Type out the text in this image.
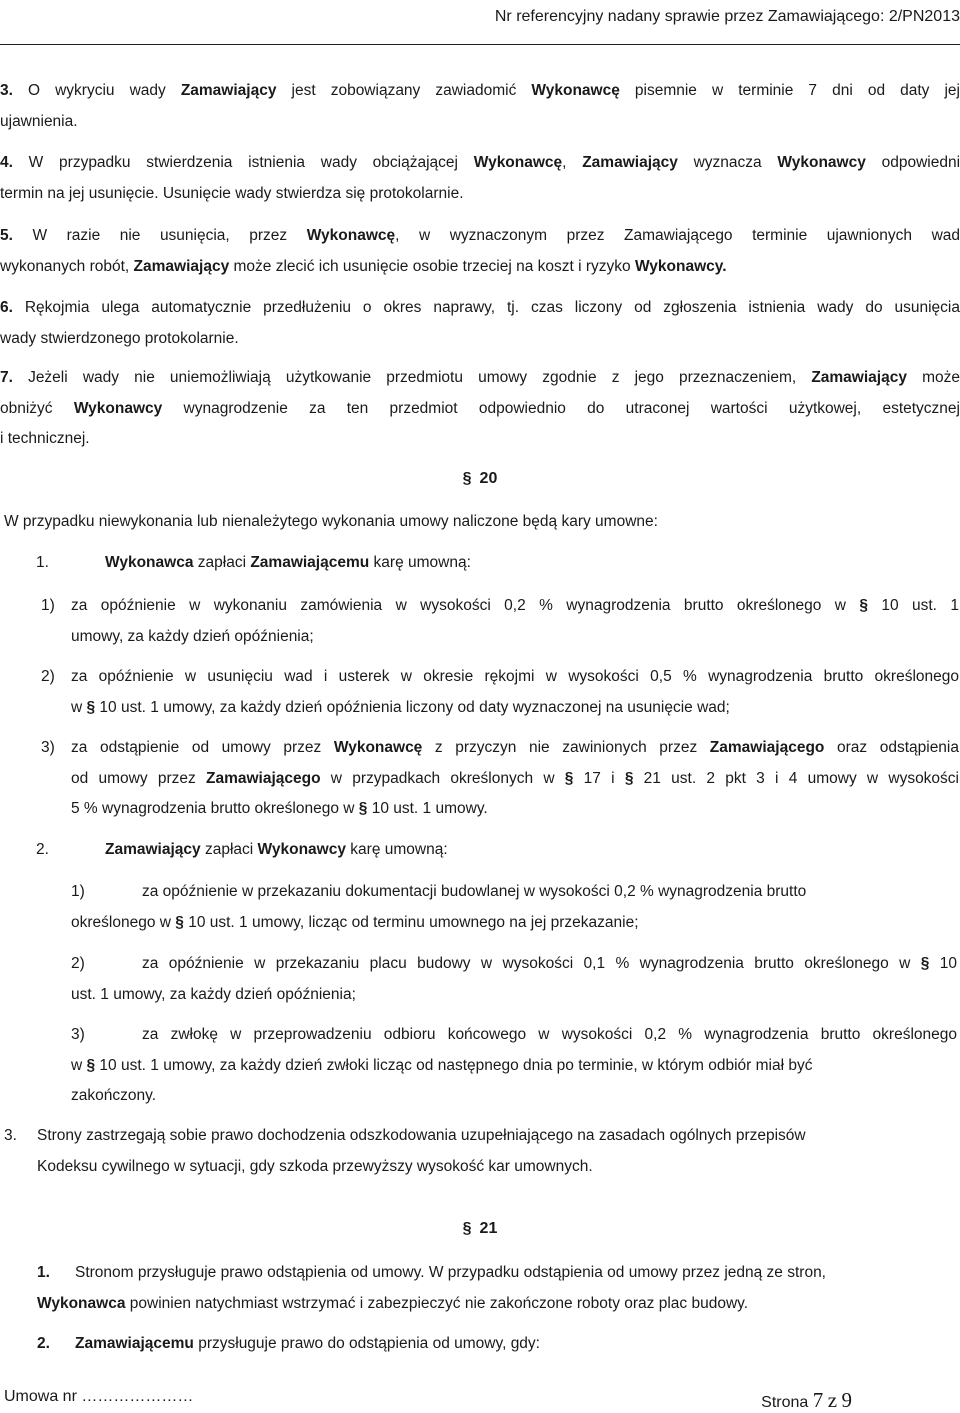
Nr referencyjny nadany sprawie przez Zamawiającego: 2/PN2013
3. O wykryciu wady Zamawiający jest zobowiązany zawiadomić Wykonawcę pisemnie w terminie 7 dni od daty jej
ujawnienia.
4. W przypadku stwierdzenia istnienia wady obciążającej Wykonawcę, Zamawiający wyznacza Wykonawcy odpowiedni
termin na jej usunięcie. Usunięcie wady stwierdza się protokolarnie.
5. W razie nie usunięcia, przez Wykonawcę, w wyznaczonym przez Zamawiającego terminie ujawnionych wad
wykonanych robót, Zamawiający może zlecić ich usunięcie osobie trzeciej na koszt i ryzyko Wykonawcy.
6. Rękojmia ulega automatycznie przedłużeniu o okres naprawy, tj. czas liczony od zgłoszenia istnienia wady do usunięcia
wady stwierdzonego protokolarnie.
7. Jeżeli wady nie uniemożliwiają użytkowanie przedmiotu umowy zgodnie z jego przeznaczeniem, Zamawiający może
obniżyć Wykonawcy wynagrodzenie za ten przedmiot odpowiednio do utraconej wartości użytkowej, estetycznej
i technicznej.
§ 20
W przypadku niewykonania lub nienależytego wykonania umowy naliczone będą kary umowne:
1.	Wykonawca zapłaci Zamawiającemu karę umowną:
1) za opóźnienie w wykonaniu zamówienia w wysokości 0,2 % wynagrodzenia brutto określonego w § 10 ust. 1
umowy, za każdy dzień opóźnienia;
2) za opóźnienie w usunięciu wad i usterek w okresie rękojmi w wysokości 0,5 % wynagrodzenia brutto określonego
w § 10 ust. 1 umowy, za każdy dzień opóźnienia liczony od daty wyznaczonej na usunięcie wad;
3) za odstąpienie od umowy przez Wykonawcę z przyczyn nie zawinionych przez Zamawiającego oraz odstąpienia
od umowy przez Zamawiającego w przypadkach określonych w § 17 i § 21 ust. 2 pkt 3 i 4 umowy w wysokości
5 % wynagrodzenia brutto określonego w § 10 ust. 1 umowy.
2.	Zamawiający zapłaci Wykonawcy karę umowną:
1)	za opóźnienie w przekazaniu dokumentacji budowlanej w wysokości 0,2 % wynagrodzenia brutto
określonego w § 10 ust. 1 umowy, licząc od terminu umownego na jej przekazanie;
2)	za opóźnienie w przekazaniu placu budowy w wysokości 0,1 % wynagrodzenia brutto określonego w § 10
ust. 1 umowy, za każdy dzień opóźnienia;
3)	za zwłokę w przeprowadzeniu odbioru końcowego w wysokości 0,2 % wynagrodzenia brutto określonego
w § 10 ust. 1 umowy, za każdy dzień zwłoki licząc od następnego dnia po terminie, w którym odbiór miał być
zakończony.
3. Strony zastrzegają sobie prawo dochodzenia odszkodowania uzupełniającego na zasadach ogólnych przepisów
Kodeksu cywilnego w sytuacji, gdy szkoda przewyższy wysokość kar umownych.
§ 21
1. Stronom przysługuje prawo odstąpienia od umowy. W przypadku odstąpienia od umowy przez jedną ze stron,
Wykonawca powinien natychmiast wstrzymać i zabezpieczyć nie zakończone roboty oraz plac budowy.
2. Zamawiającemu przysługuje prawo do odstąpienia od umowy, gdy:
Umowa nr …………………	Strona 7 z 9
